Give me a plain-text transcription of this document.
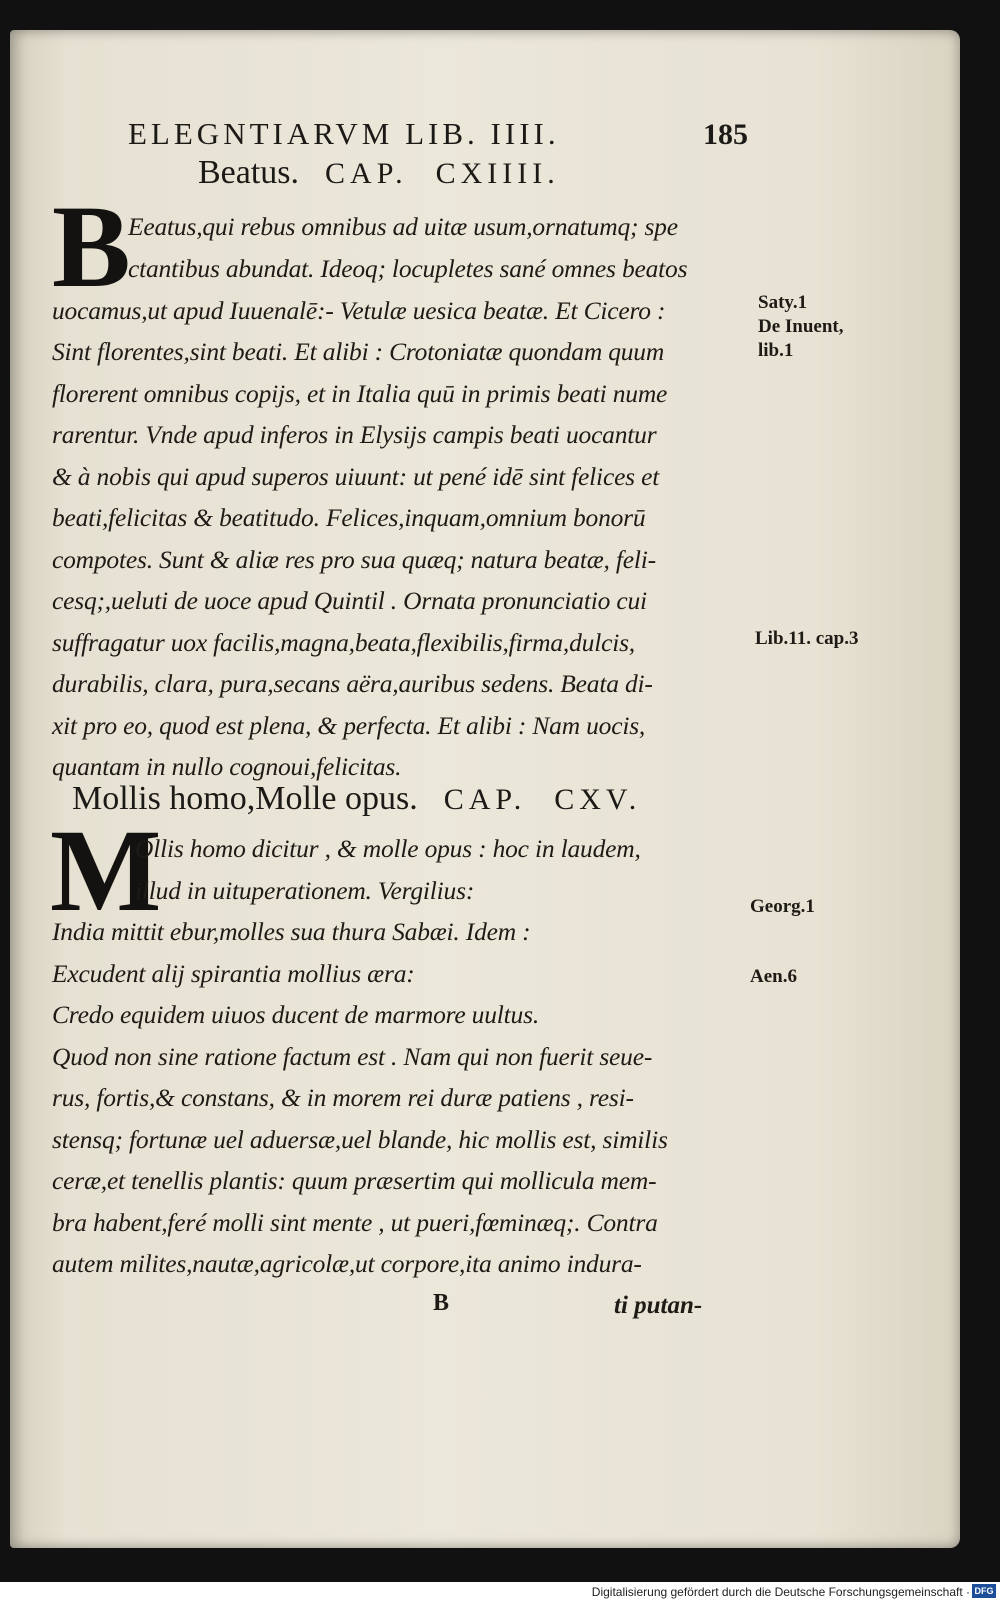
ELEGNTIARVM LIB. IIII.	185
Beatus. CAP. CXIIII.
B
Eeatus,qui rebus omnibus ad uitæ usum,ornatumq; spe
ctantibus abundat. Ideoq; locupletes sané omnes beatos
uocamus,ut apud Iuuenalē:- Vetulæ uesica beatæ. Et Cicero :
Sint florentes,sint beati. Et alibi : Crotoniatæ quondam quum
florerent omnibus copijs, et in Italia quū in primis beati nume
rarentur. Vnde apud inferos in Elysijs campis beati uocantur
& à nobis qui apud superos uiuunt: ut pené idē sint felices et
beati,felicitas & beatitudo. Felices,inquam,omnium bonorū
compotes. Sunt & aliæ res pro sua quæq; natura beatæ, feli-
cesq;,ueluti de uoce apud Quintil . Ornata pronunciatio cui
suffragatur uox facilis,magna,beata,flexibilis,firma,dulcis,
durabilis, clara, pura,secans aëra,auribus sedens. Beata di-
xit pro eo, quod est plena, & perfecta. Et alibi : Nam uocis,
quantam in nullo cognoui,felicitas.
Mollis homo,Molle opus. CAP. CXV.
M
Ollis homo dicitur , & molle opus : hoc in laudem,
illud in uituperationem. Vergilius:
India mittit ebur,molles sua thura Sabæi. Idem :
Excudent alij spirantia mollius æra:
Credo equidem uiuos ducent de marmore uultus.
Quod non sine ratione factum est . Nam qui non fuerit seue-
rus, fortis,& constans, & in morem rei duræ patiens , resi-
stensq; fortunæ uel aduersæ,uel blande, hic mollis est, similis
ceræ,et tenellis plantis: quum præsertim qui mollicula mem-
bra habent,feré molli sint mente , ut pueri,fœminæq;. Contra
autem milites,nautæ,agricolæ,ut corpore,ita animo indura-
Saty.1
De Inuent,
lib.1
Lib.11. cap.3
Georg.1
Aen.6
B	ti putan-
Digitalisierung gefördert durch die Deutsche Forschungsgemeinschaft · DFG
